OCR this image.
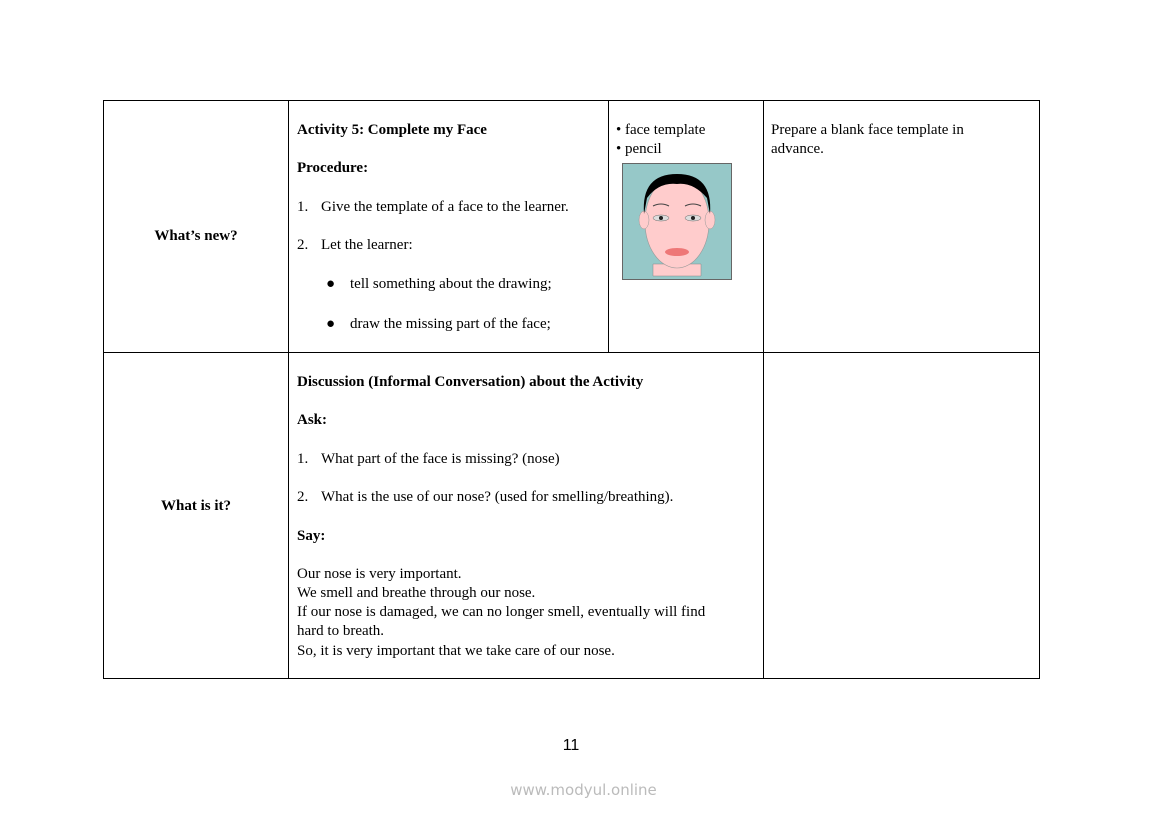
What’s new?
Activity 5: Complete my Face
Procedure:
1. Give the template of a face to the learner.
2. Let the learner:
● tell something about the drawing;
● draw the missing part of the face;
• face template
• pencil
Prepare a blank face template in
advance.
What is it?
Discussion (Informal Conversation) about the Activity
Ask:
1. What part of the face is missing? (nose)
2. What is the use of our nose? (used for smelling/breathing).
Say:
Our nose is very important.
We smell and breathe through our nose.
If our nose is damaged, we can no longer smell, eventually will find
hard to breath.
So, it is very important that we take care of our nose.
11
www.modyul.online
